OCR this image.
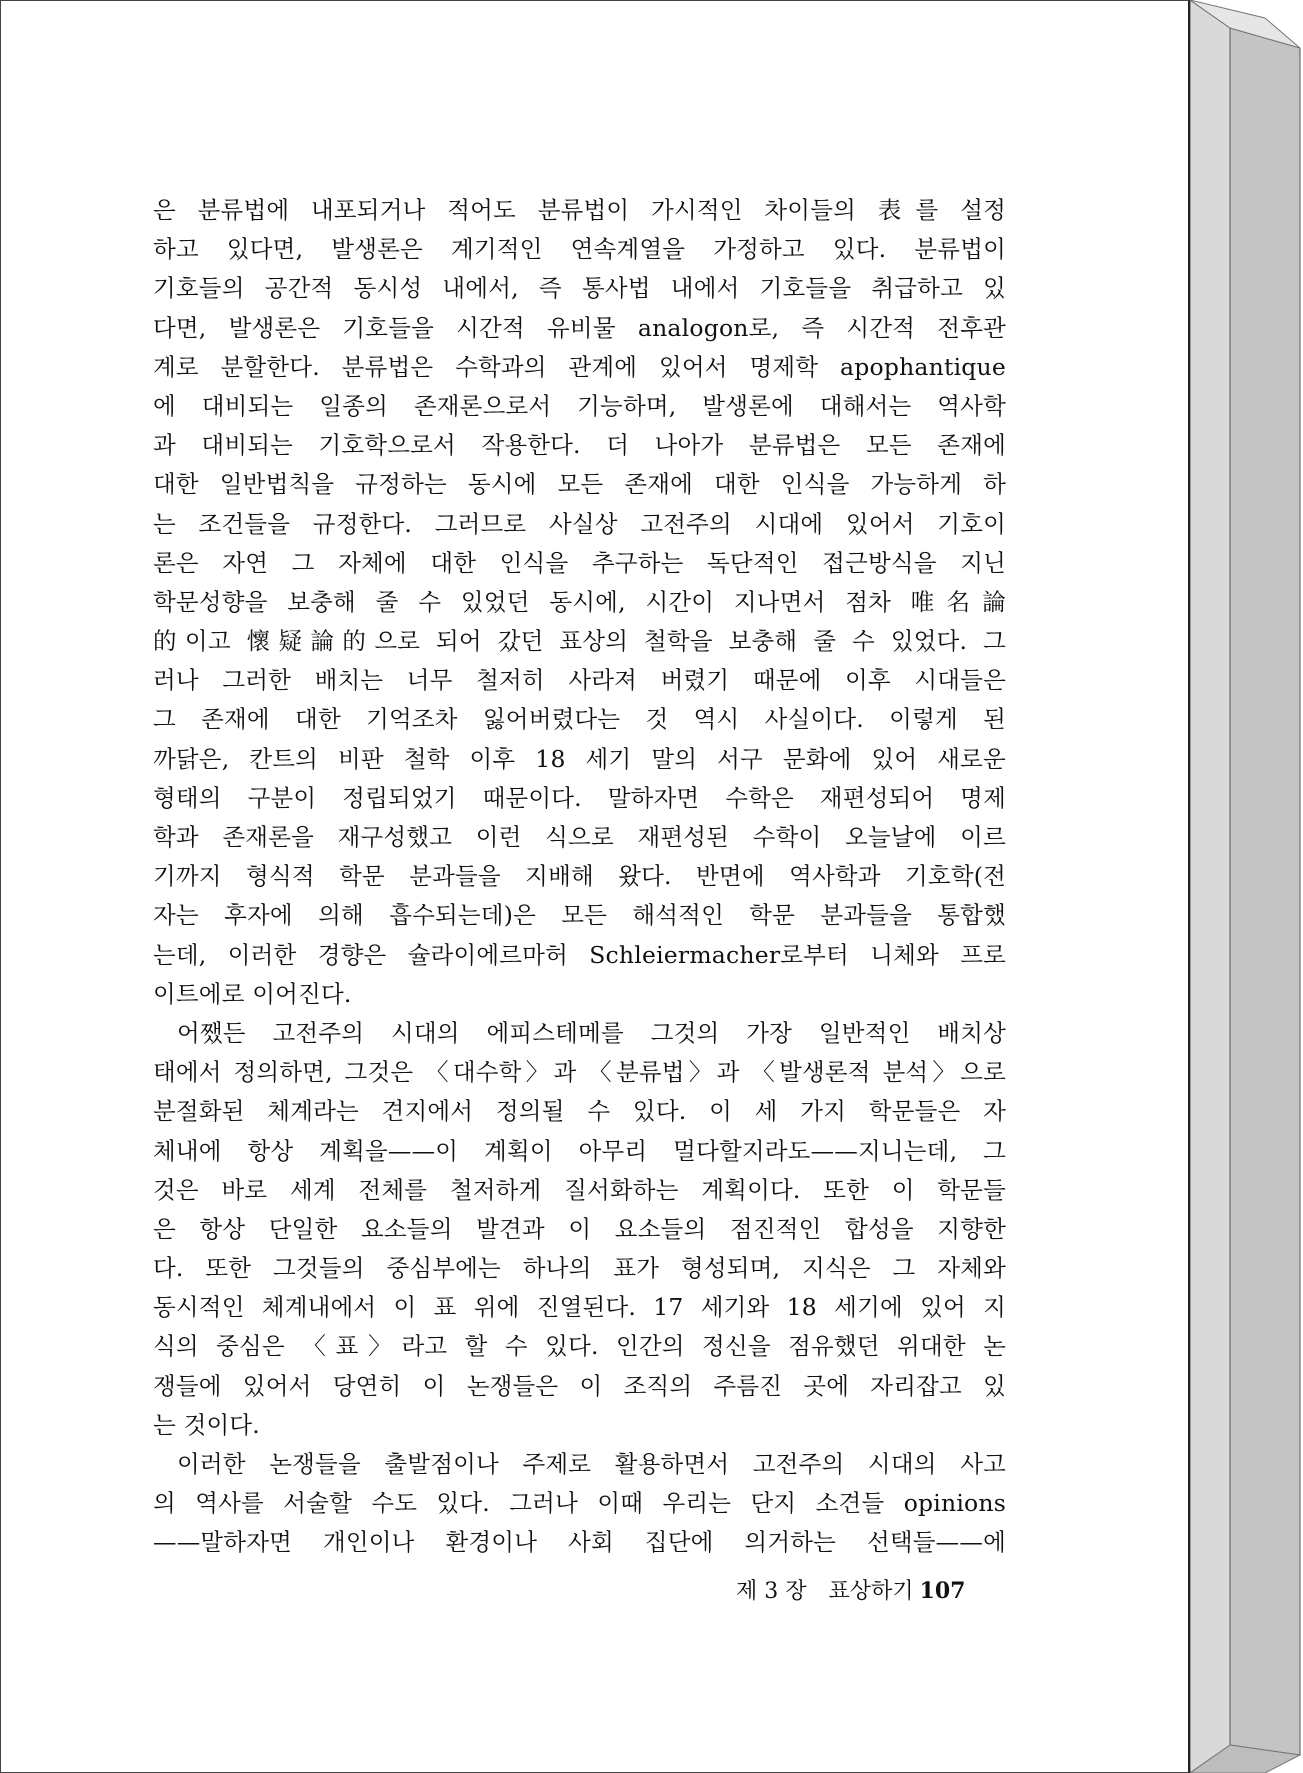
은 분류법에 내포되거나 적어도 분류법이 가시적인 차이들의 表를 설정
하고 있다면, 발생론은 계기적인 연속계열을 가정하고 있다. 분류법이
기호들의 공간적 동시성 내에서, 즉 통사법 내에서 기호들을 취급하고 있
다면, 발생론은 기호들을 시간적 유비물 analogon로, 즉 시간적 전후관
계로 분할한다. 분류법은 수학과의 관계에 있어서 명제학 apophantique
에 대비되는 일종의 존재론으로서 기능하며, 발생론에 대해서는 역사학
과 대비되는 기호학으로서 작용한다. 더 나아가 분류법은 모든 존재에
대한 일반법칙을 규정하는 동시에 모든 존재에 대한 인식을 가능하게 하
는 조건들을 규정한다. 그러므로 사실상 고전주의 시대에 있어서 기호이
론은 자연 그 자체에 대한 인식을 추구하는 독단적인 접근방식을 지닌
학문성향을 보충해 줄 수 있었던 동시에, 시간이 지나면서 점차 唯名論
的이고 懷疑論的으로 되어 갔던 표상의 철학을 보충해 줄 수 있었다. 그
러나 그러한 배치는 너무 철저히 사라져 버렸기 때문에 이후 시대들은
그 존재에 대한 기억조차 잃어버렸다는 것 역시 사실이다. 이렇게 된
까닭은, 칸트의 비판 철학 이후 18 세기 말의 서구 문화에 있어 새로운
형태의 구분이 정립되었기 때문이다. 말하자면 수학은 재편성되어 명제
학과 존재론을 재구성했고 이런 식으로 재편성된 수학이 오늘날에 이르
기까지 형식적 학문 분과들을 지배해 왔다. 반면에 역사학과 기호학(전
자는 후자에 의해 흡수되는데)은 모든 해석적인 학문 분과들을 통합했
는데, 이러한 경향은 슐라이에르마허 Schleiermacher로부터 니체와 프로
이트에로 이어진다.
어쨌든 고전주의 시대의 에피스테메를 그것의 가장 일반적인 배치상
태에서 정의하면, 그것은 〈대수학〉과 〈분류법〉과 〈발생론적 분석〉으로
분절화된 체계라는 견지에서 정의될 수 있다. 이 세 가지 학문들은 자
체내에 항상 계획을——이 계획이 아무리 멀다할지라도——지니는데, 그
것은 바로 세계 전체를 철저하게 질서화하는 계획이다. 또한 이 학문들
은 항상 단일한 요소들의 발견과 이 요소들의 점진적인 합성을 지향한
다. 또한 그것들의 중심부에는 하나의 표가 형성되며, 지식은 그 자체와
동시적인 체계내에서 이 표 위에 진열된다. 17 세기와 18 세기에 있어 지
식의 중심은 〈표〉라고 할 수 있다. 인간의 정신을 점유했던 위대한 논
쟁들에 있어서 당연히 이 논쟁들은 이 조직의 주름진 곳에 자리잡고 있
는 것이다.
이러한 논쟁들을 출발점이나 주제로 활용하면서 고전주의 시대의 사고
의 역사를 서술할 수도 있다. 그러나 이때 우리는 단지 소견들 opinions
——말하자면 개인이나 환경이나 사회 집단에 의거하는 선택들——에
제 3 장 표상하기 107
